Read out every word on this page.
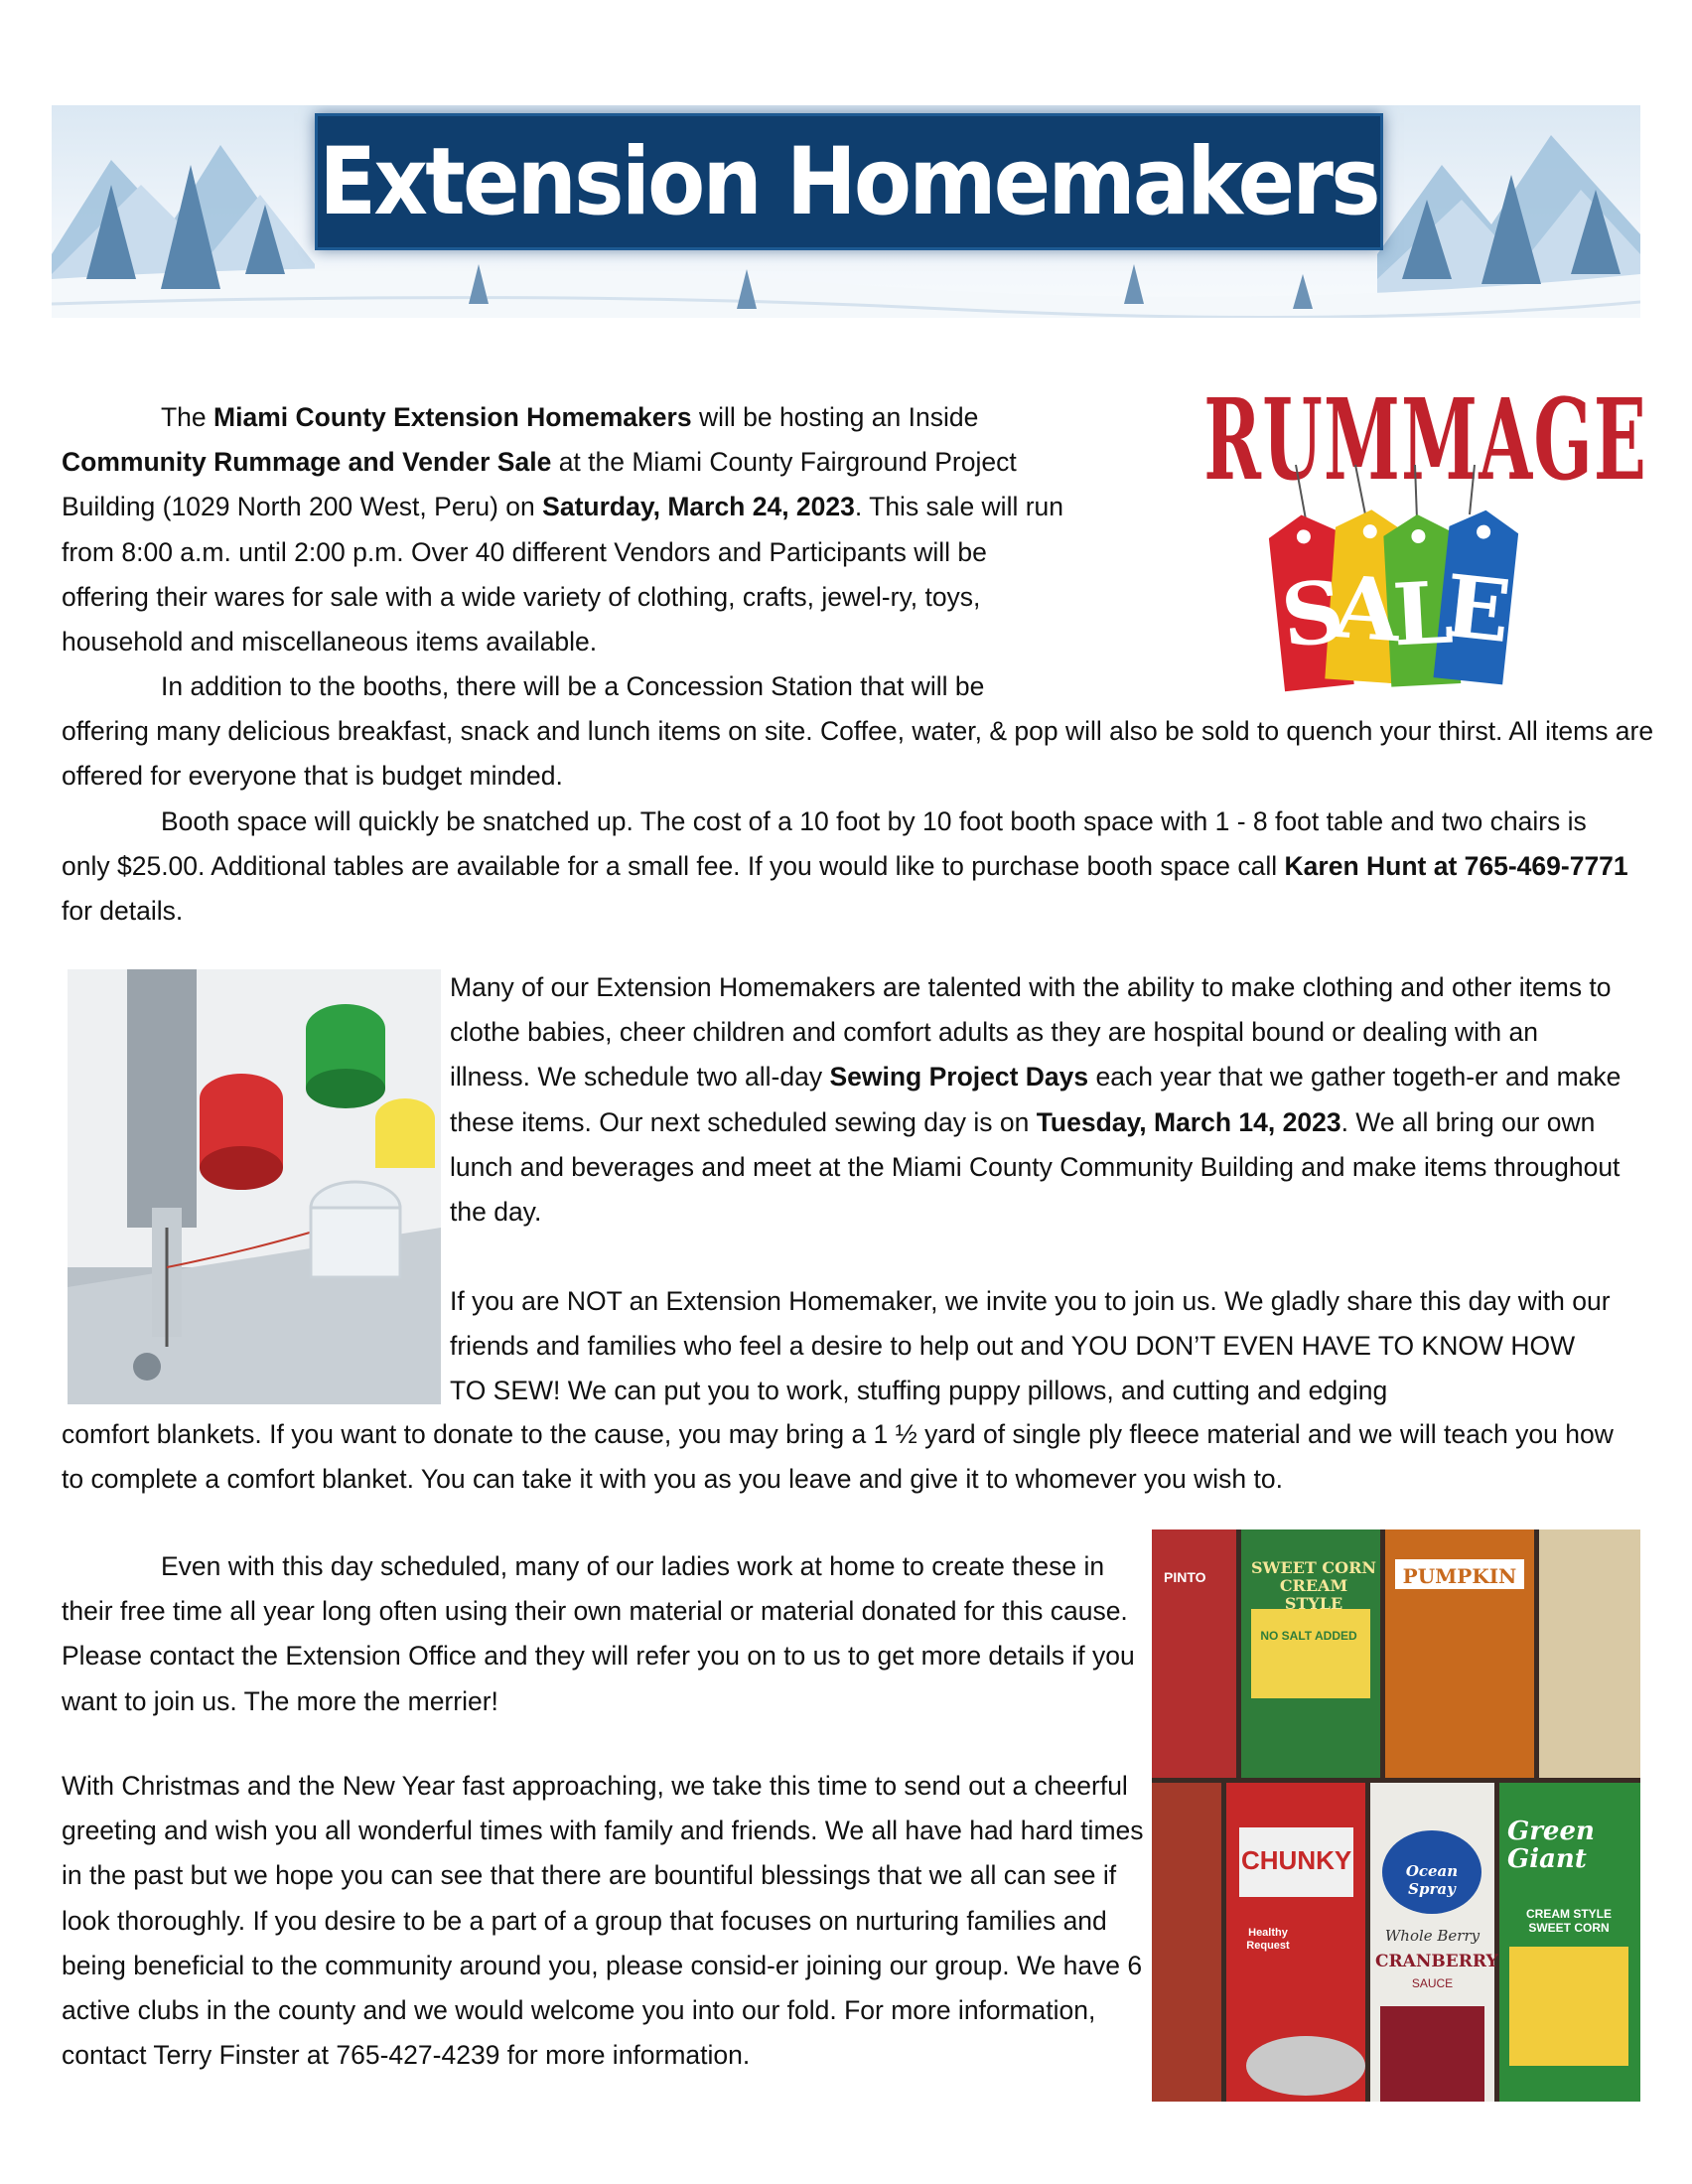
Extension Homemakers
RUMMAGE
S
A
L
E

The Miami County Extension Homemakers will be hosting an Inside Community Rummage and Vender Sale at the Miami County Fairground Project Building (1029 North 200 West, Peru) on Saturday, March 24, 2023. This sale will run from 8:00 a.m. until 2:00 p.m. Over 40 different Vendors and Participants will be offering their wares for sale with a wide variety of clothing, crafts, jewel-ry, toys, household and miscellaneous items available.

In addition to the booths, there will be a Concession Station that will be

offering many delicious breakfast, snack and lunch items on site. Coffee, water, & pop will also be sold to quench your thirst. All items are offered for everyone that is budget minded.

Booth space will quickly be snatched up. The cost of a 10 foot by 10 foot booth space with 1 - 8 foot table and two chairs is only $25.00. Additional tables are available for a small fee. If you would like to purchase booth space call Karen Hunt at 765-469-7771 for details.

Many of our Extension Homemakers are talented with the ability to make clothing and other items to clothe babies, cheer children and comfort adults as they are hospital bound or dealing with an illness. We schedule two all-day Sewing Project Days each year that we gather togeth-er and make these items. Our next scheduled sewing day is on Tuesday, March 14, 2023. We all bring our own lunch and beverages and meet at the Miami County Community Building and make items throughout the day.

If you are NOT an Extension Homemaker, we invite you to join us. We gladly share this day with our friends and families who feel a desire to help out and YOU DON’T EVEN HAVE TO KNOW HOW TO SEW! We can put you to work, stuffing puppy pillows, and cutting and edging

comfort blankets. If you want to donate to the cause, you may bring a 1 ½ yard of single ply fleece material and we will teach you how to complete a comfort blanket. You can take it with you as you leave and give it to whomever you wish to.

Even with this day scheduled, many of our ladies work at home to create these in their free time all year long often using their own material or material donated for this cause. Please contact the Extension Office and they will refer you on to us to get more details if you want to join us. The more the merrier!

With Christmas and the New Year fast approaching, we take this time to send out a cheerful greeting and wish you all wonderful times with family and friends. We all have had hard times in the past but we hope you can see that there are bountiful blessings that we all can see if look thoroughly. If you desire to be a part of a group that focuses on nurturing families and being beneficial to the community around you, please consid-er joining our group. We have 6 active clubs in the county and we would welcome you into our fold. For more information, contact Terry Finster at 765-427-4239 for more information.

PINTO	SWEET CORN CREAM STYLE
NO SALT ADDED
PUMPKIN
CHUNKY
Healthy Request
Ocean Spray
Whole Berry
CRANBERRY
SAUCE
Green Giant
CREAM STYLE SWEET CORN
